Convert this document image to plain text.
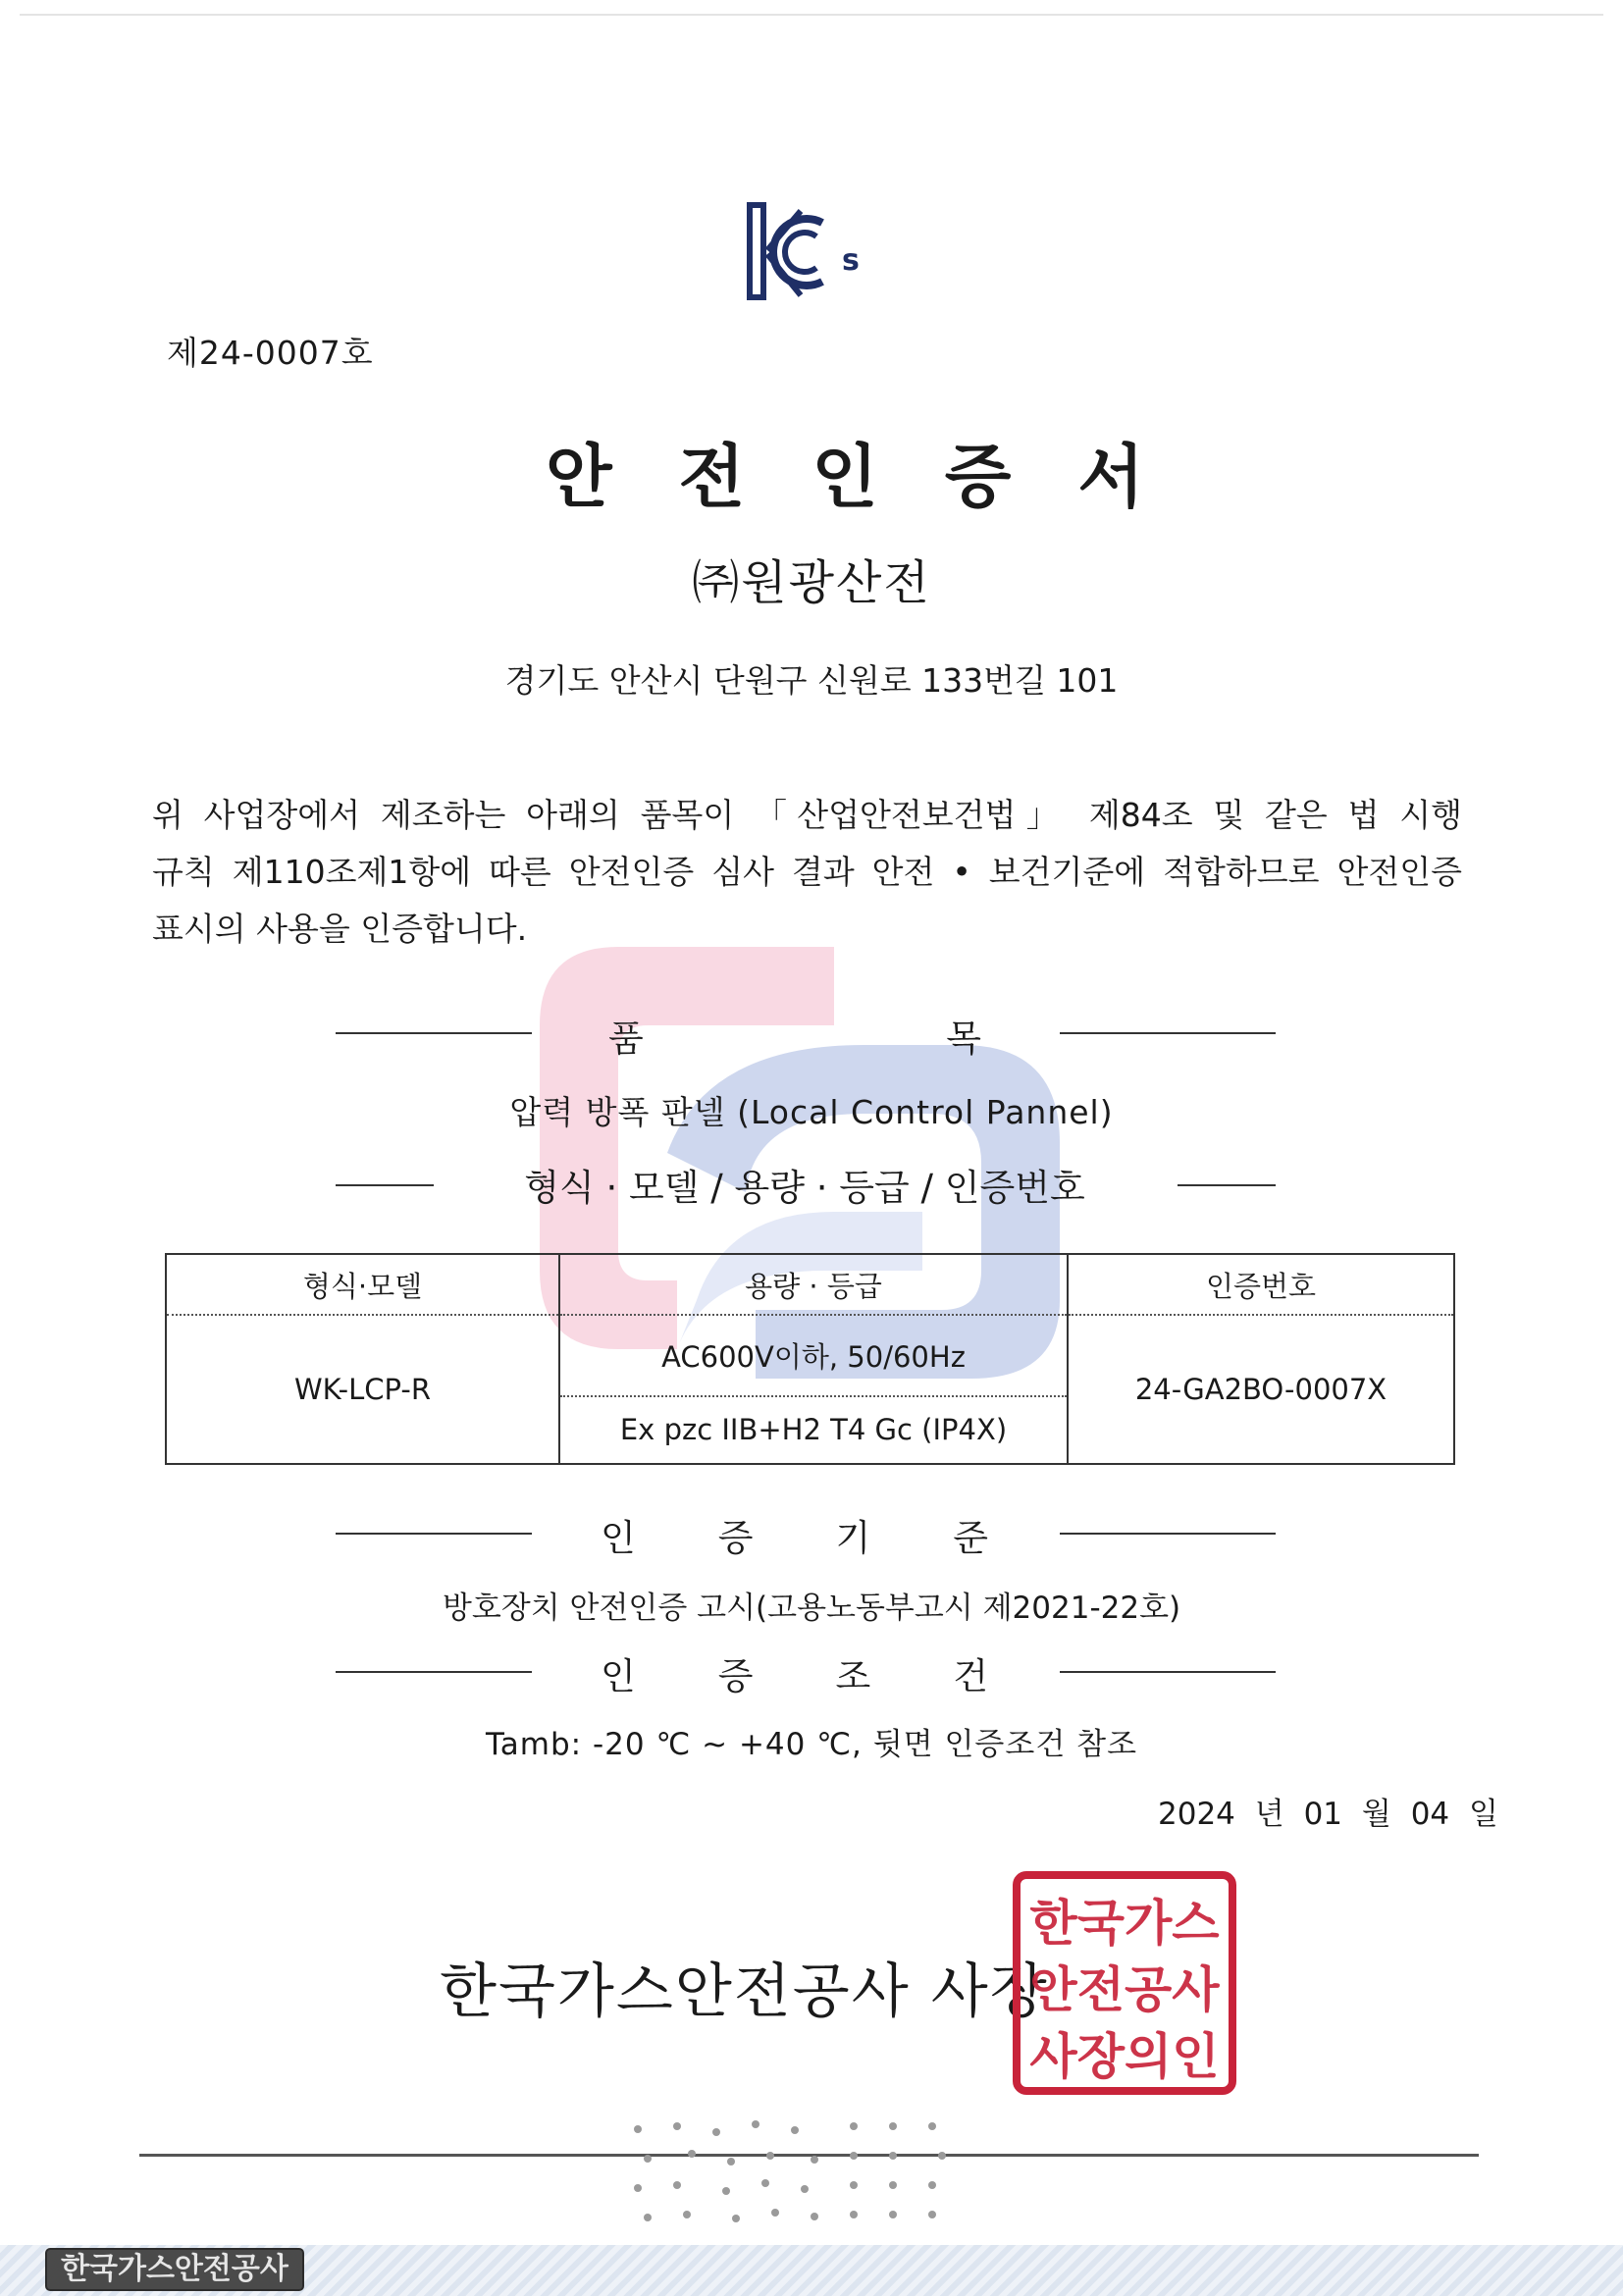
s
제24-0007호
안전인증서
㈜원광산전
경기도 안산시 단원구 신원로 133번길 101
위 사업장에서 제조하는 아래의 품목이 「산업안전보건법」 제84조 및 같은 법 시행
규칙 제110조제1항에 따른 안전인증 심사 결과 안전 • 보건기준에 적합하므로 안전인증
표시의 사용을 인증합니다.
품	목
압력 방폭 판넬 (Local Control Pannel)
형식 · 모델 / 용량 · 등급 / 인증번호
형식·모델	용량 · 등급	인증번호
WK-LCP-R	AC600V이하, 50/60Hz	24-GA2BO-0007X
	Ex pzc IIB+H2 T4 Gc (IP4X)	
인 증 기 준
방호장치 안전인증 고시(고용노동부고시 제2021-22호)
인 증 조 건
Tamb: -20 ℃ ~ +40 ℃, 뒷면 인증조건 참조
2024 년 01 월 04 일
한국가스안전공사 사장
한국가스
안전공사
사장의인
한국가스안전공사
